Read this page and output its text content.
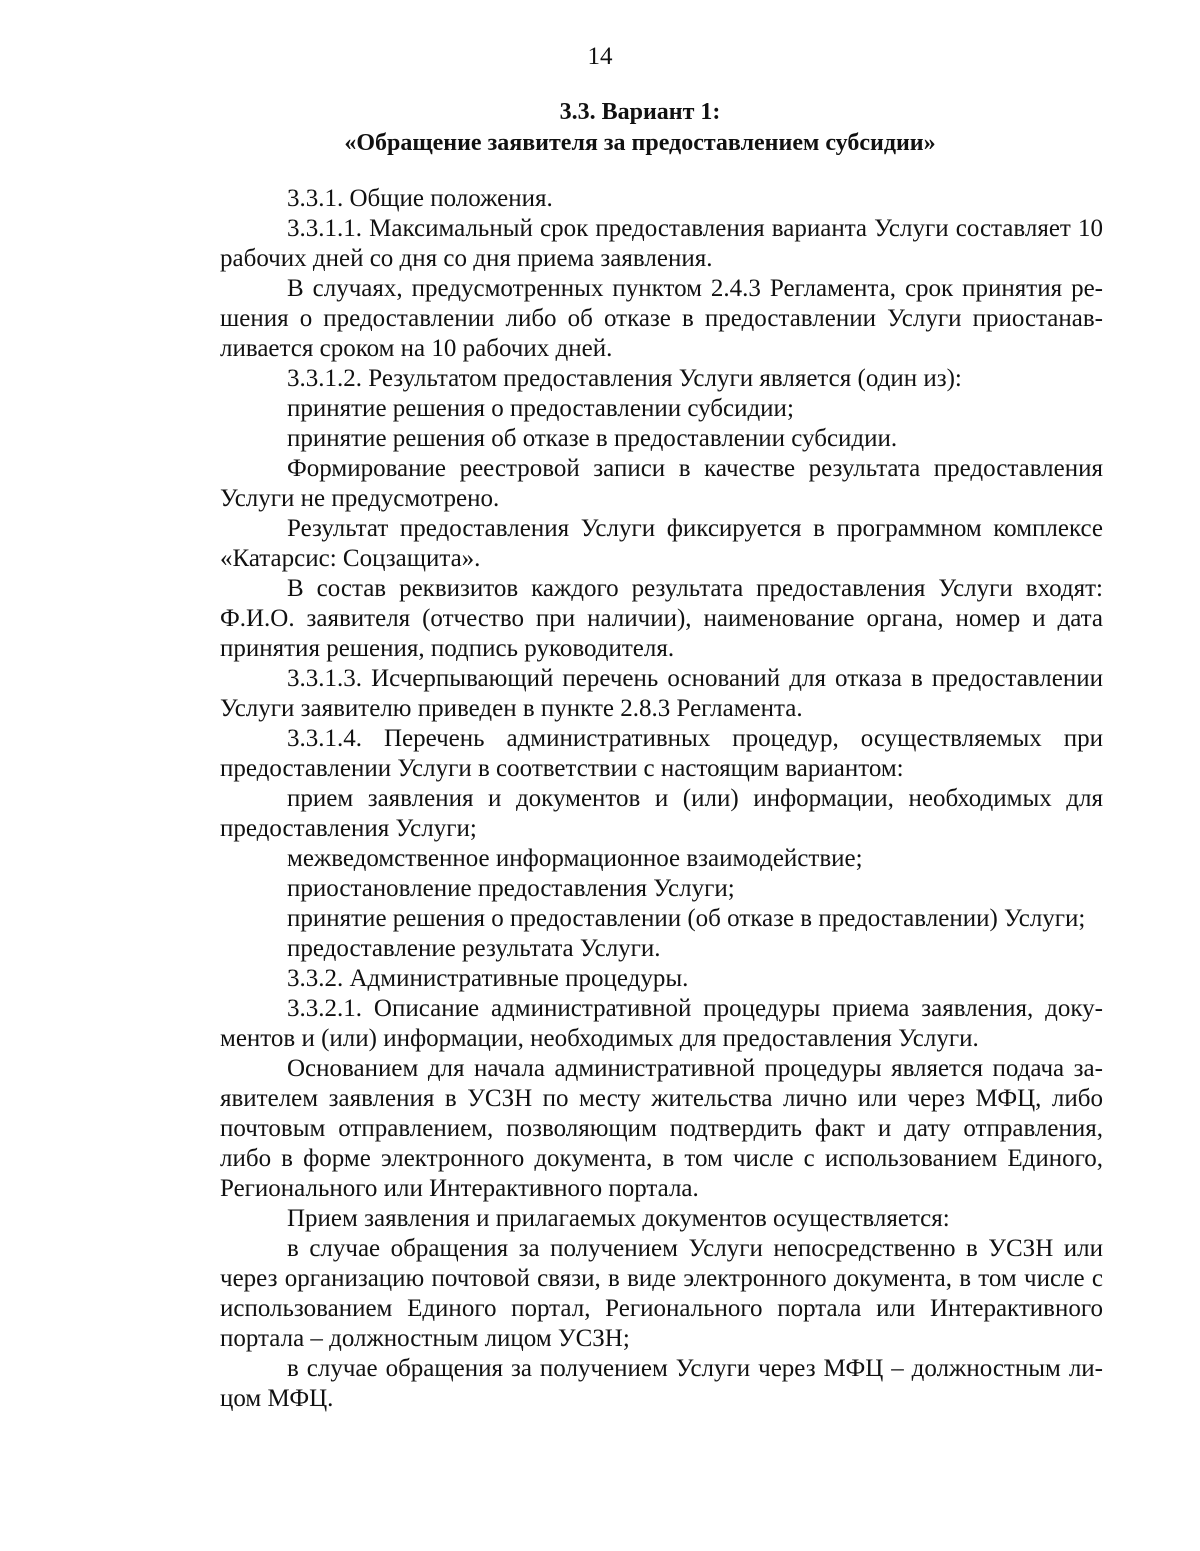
14
3.3. Вариант 1:
«Обращение заявителя за предоставлением субсидии»

3.3.1. Общие положения.

3.3.1.1. Максимальный срок предоставления варианта Услуги составляет 10 рабочих дней со дня со дня приема заявления.

В случаях, предусмотренных пунктом 2.4.3 Регламента, срок принятия решения о предоставлении либо об отказе в предоставлении Услуги приостанавливается сроком на 10 рабочих дней.

3.3.1.2. Результатом предоставления Услуги является (один из):

принятие решения о предоставлении субсидии;

принятие решения об отказе в предоставлении субсидии.

Формирование реестровой записи в качестве результата предоставления Услуги не предусмотрено.

Результат предоставления Услуги фиксируется в программном комплексе «Катарсис: Соцзащита».

В состав реквизитов каждого результата предоставления Услуги входят: Ф.И.О. заявителя (отчество при наличии), наименование органа, номер и дата принятия решения, подпись руководителя.

3.3.1.3. Исчерпывающий перечень оснований для отказа в предоставлении Услуги заявителю приведен в пункте 2.8.3 Регламента.

3.3.1.4. Перечень административных процедур, осуществляемых при предоставлении Услуги в соответствии с настоящим вариантом:

прием заявления и документов и (или) информации, необходимых для предоставления Услуги;

межведомственное информационное взаимодействие;

приостановление предоставления Услуги;

принятие решения о предоставлении (об отказе в предоставлении) Услуги;

предоставление результата Услуги.

3.3.2. Административные процедуры.

3.3.2.1. Описание административной процедуры приема заявления, документов и (или) информации, необходимых для предоставления Услуги.

Основанием для начала административной процедуры является подача заявителем заявления в УСЗН по месту жительства лично или через МФЦ, либо почтовым отправлением, позволяющим подтвердить факт и дату отправления, либо в форме электронного документа, в том числе с использованием Единого, Регионального или Интерактивного портала.

Прием заявления и прилагаемых документов осуществляется:

в случае обращения за получением Услуги непосредственно в УСЗН или через организацию почтовой связи, в виде электронного документа, в том числе с использованием Единого портал, Регионального портала или Интерактивного портала – должностным лицом УСЗН;

в случае обращения за получением Услуги через МФЦ – должностным лицом МФЦ.
